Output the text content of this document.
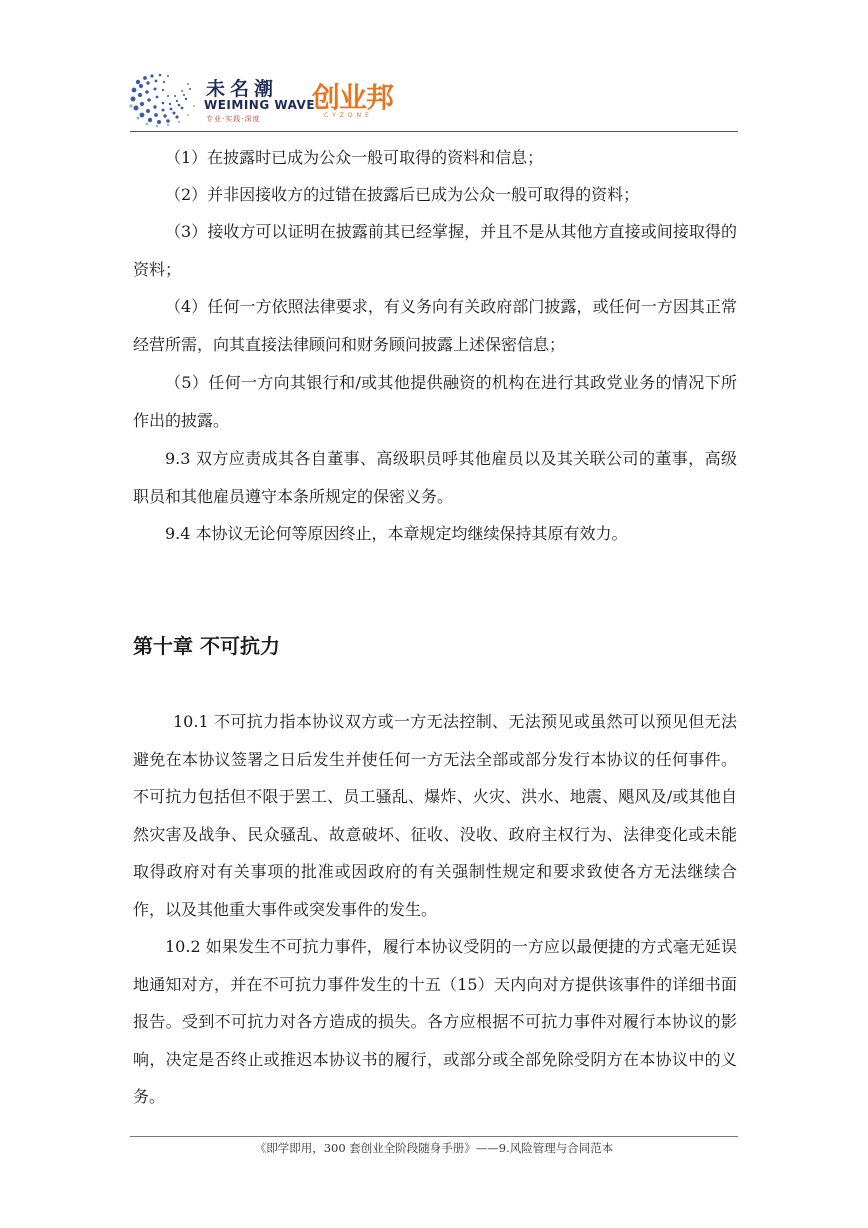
未名潮
WEIMING WAVE
专业·实践·深度
创业邦
CYZONE

（1）在披露时已成为公众一般可取得的资料和信息；

（2）并非因接收方的过错在披露后已成为公众一般可取得的资料；

（3）接收方可以证明在披露前其已经掌握，并且不是从其他方直接或间接取得的资料；

（4）任何一方依照法律要求，有义务向有关政府部门披露，或任何一方因其正常经营所需，向其直接法律顾问和财务顾问披露上述保密信息；

（5）任何一方向其银行和/或其他提供融资的机构在进行其政党业务的情况下所作出的披露。

9.3 双方应责成其各自董事、高级职员呼其他雇员以及其关联公司的董事，高级职员和其他雇员遵守本条所规定的保密义务。

9.4 本协议无论何等原因终止，本章规定均继续保持其原有效力。

第十章 不可抗力

10.1 不可抗力指本协议双方或一方无法控制、无法预见或虽然可以预见但无法避免在本协议签署之日后发生并使任何一方无法全部或部分发行本协议的任何事件。不可抗力包括但不限于罢工、员工骚乱、爆炸、火灾、洪水、地震、飓风及/或其他自然灾害及战争、民众骚乱、故意破坏、征收、没收、政府主权行为、法律变化或未能取得政府对有关事项的批准或因政府的有关强制性规定和要求致使各方无法继续合作，以及其他重大事件或突发事件的发生。

10.2 如果发生不可抗力事件，履行本协议受阴的一方应以最便捷的方式毫无延误地通知对方，并在不可抗力事件发生的十五（15）天内向对方提供该事件的详细书面报告。受到不可抗力对各方造成的损失。各方应根据不可抗力事件对履行本协议的影响，决定是否终止或推迟本协议书的履行，或部分或全部免除受阴方在本协议中的义务。

《即学即用，300 套创业全阶段随身手册》——9.风险管理与合同范本
